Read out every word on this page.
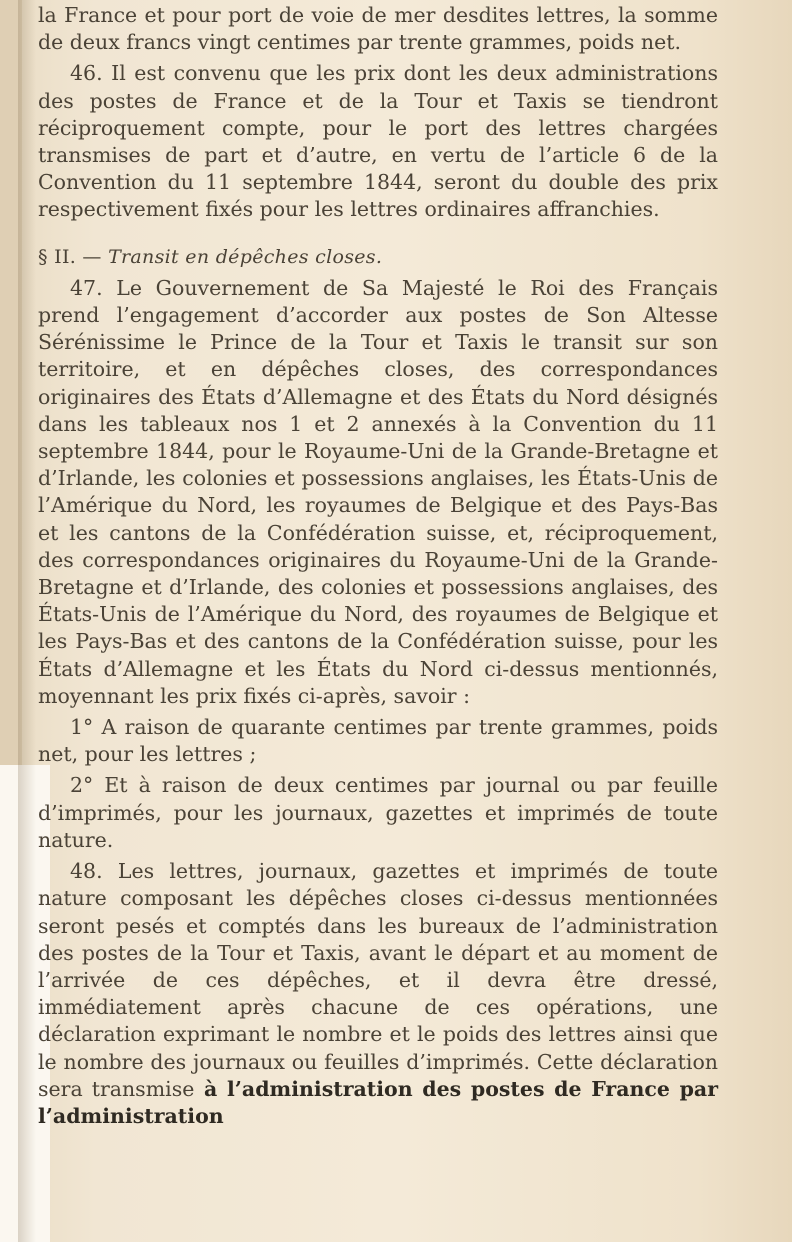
la France et pour port de voie de mer desdites lettres, la somme de deux francs vingt centimes par trente grammes, poids net.

46. Il est convenu que les prix dont les deux administrations des postes de France et de la Tour et Taxis se tiendront réciproquement compte, pour le port des lettres chargées transmises de part et d’autre, en vertu de l’article 6 de la Convention du 11 septembre 1844, seront du double des prix respectivement fixés pour les lettres ordinaires affranchies.

§ II. — Transit en dépêches closes.

47. Le Gouvernement de Sa Majesté le Roi des Français prend l’engagement d’accorder aux postes de Son Altesse Sérénissime le Prince de la Tour et Taxis le transit sur son territoire, et en dépêches closes, des correspondances originaires des États d’Allemagne et des États du Nord désignés dans les tableaux nos 1 et 2 annexés à la Convention du 11 septembre 1844, pour le Royaume-Uni de la Grande-Bretagne et d’Irlande, les colonies et possessions anglaises, les États-Unis de l’Amérique du Nord, les royaumes de Belgique et des Pays-Bas et les cantons de la Confédération suisse, et, réciproquement, des correspondances originaires du Royaume-Uni de la Grande-Bretagne et d’Irlande, des colonies et possessions anglaises, des États-Unis de l’Amérique du Nord, des royaumes de Belgique et les Pays-Bas et des cantons de la Confédération suisse, pour les États d’Allemagne et les États du Nord ci-dessus mentionnés, moyennant les prix fixés ci-après, savoir :

1° A raison de quarante centimes par trente grammes, poids net, pour les lettres ;

2° Et à raison de deux centimes par journal ou par feuille d’imprimés, pour les journaux, gazettes et imprimés de toute nature.

48. Les lettres, journaux, gazettes et imprimés de toute nature composant les dépêches closes ci-dessus mentionnées seront pesés et comptés dans les bureaux de l’administration des postes de la Tour et Taxis, avant le départ et au moment de l’arrivée de ces dépêches, et il devra être dressé, immédiatement après chacune de ces opérations, une déclaration exprimant le nombre et le poids des lettres ainsi que le nombre des journaux ou feuilles d’imprimés. Cette déclaration sera transmise à l’administration des postes de France par l’administration
